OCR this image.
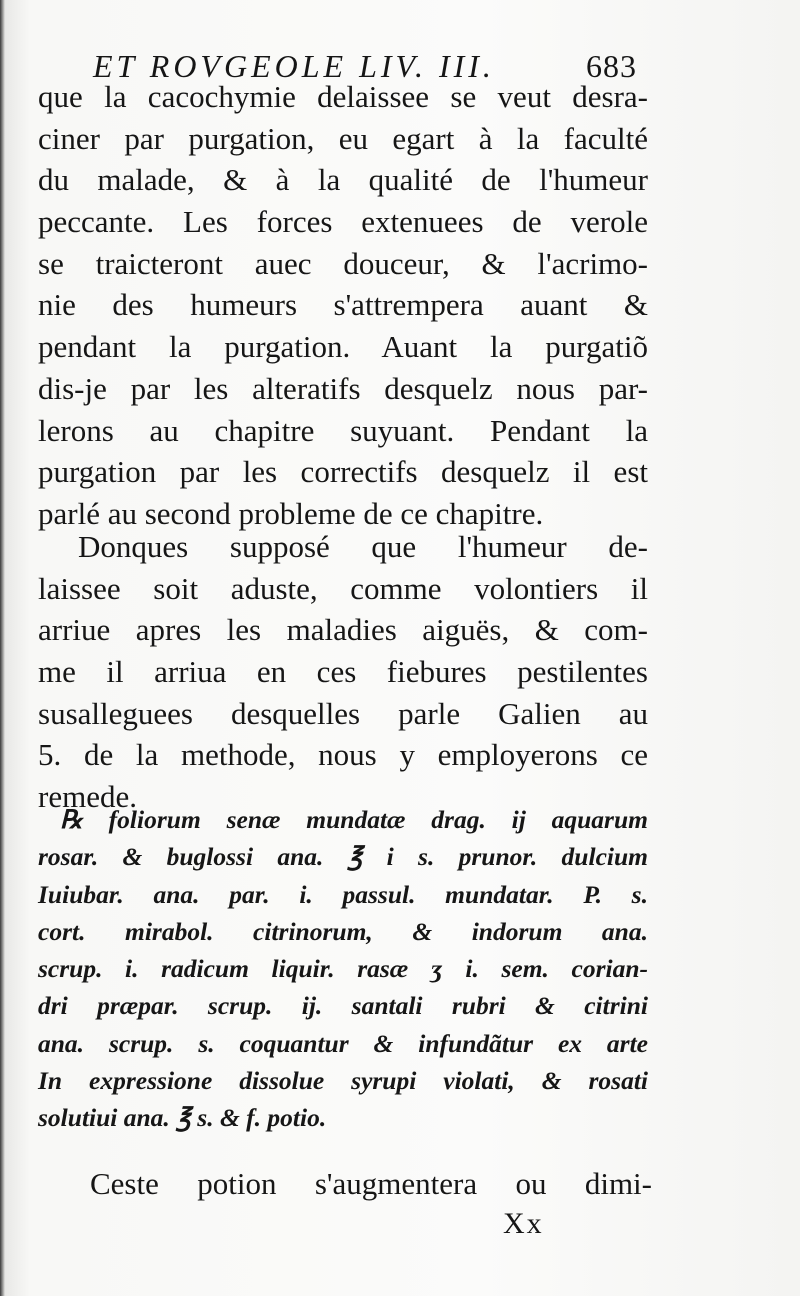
ET ROVGEOLE LIV. III.	683
que la cacochymie delaissee se veut desra-
ciner par purgation, eu egart à la faculté
du malade, & à la qualité de l'humeur
peccante. Les forces extenuees de verole
se traicteront auec douceur, & l'acrimo-
nie des humeurs s'attrempera auant &
pendant la purgation. Auant la purgatiõ
dis-je par les alteratifs desquelz nous par-
lerons au chapitre suyuant. Pendant la
purgation par les correctifs desquelz il est
parlé au second probleme de ce chapitre.
Donques supposé que l'humeur de-
laissee soit aduste, comme volontiers il
arriue apres les maladies aiguës, & com-
me il arriua en ces fiebures pestilentes
susalleguees desquelles parle Galien au
5. de la methode, nous y employerons ce
remede.
℞ foliorum senæ mundatæ drag. ij aquarum
rosar. & buglossi ana. ℥ i s. prunor. dulcium
Iuiubar. ana. par. i. passul. mundatar. P. s.
cort. mirabol. citrinorum, & indorum ana.
scrup. i. radicum liquir. rasæ ʒ i. sem. corian-
dri præpar. scrup. ij. santali rubri & citrini
ana. scrup. s. coquantur & infundãtur ex arte
In expressione dissolue syrupi violati, & rosati
solutiui ana. ℥ s. & f. potio.
Ceste potion s'augmentera ou dimi-
Xx
